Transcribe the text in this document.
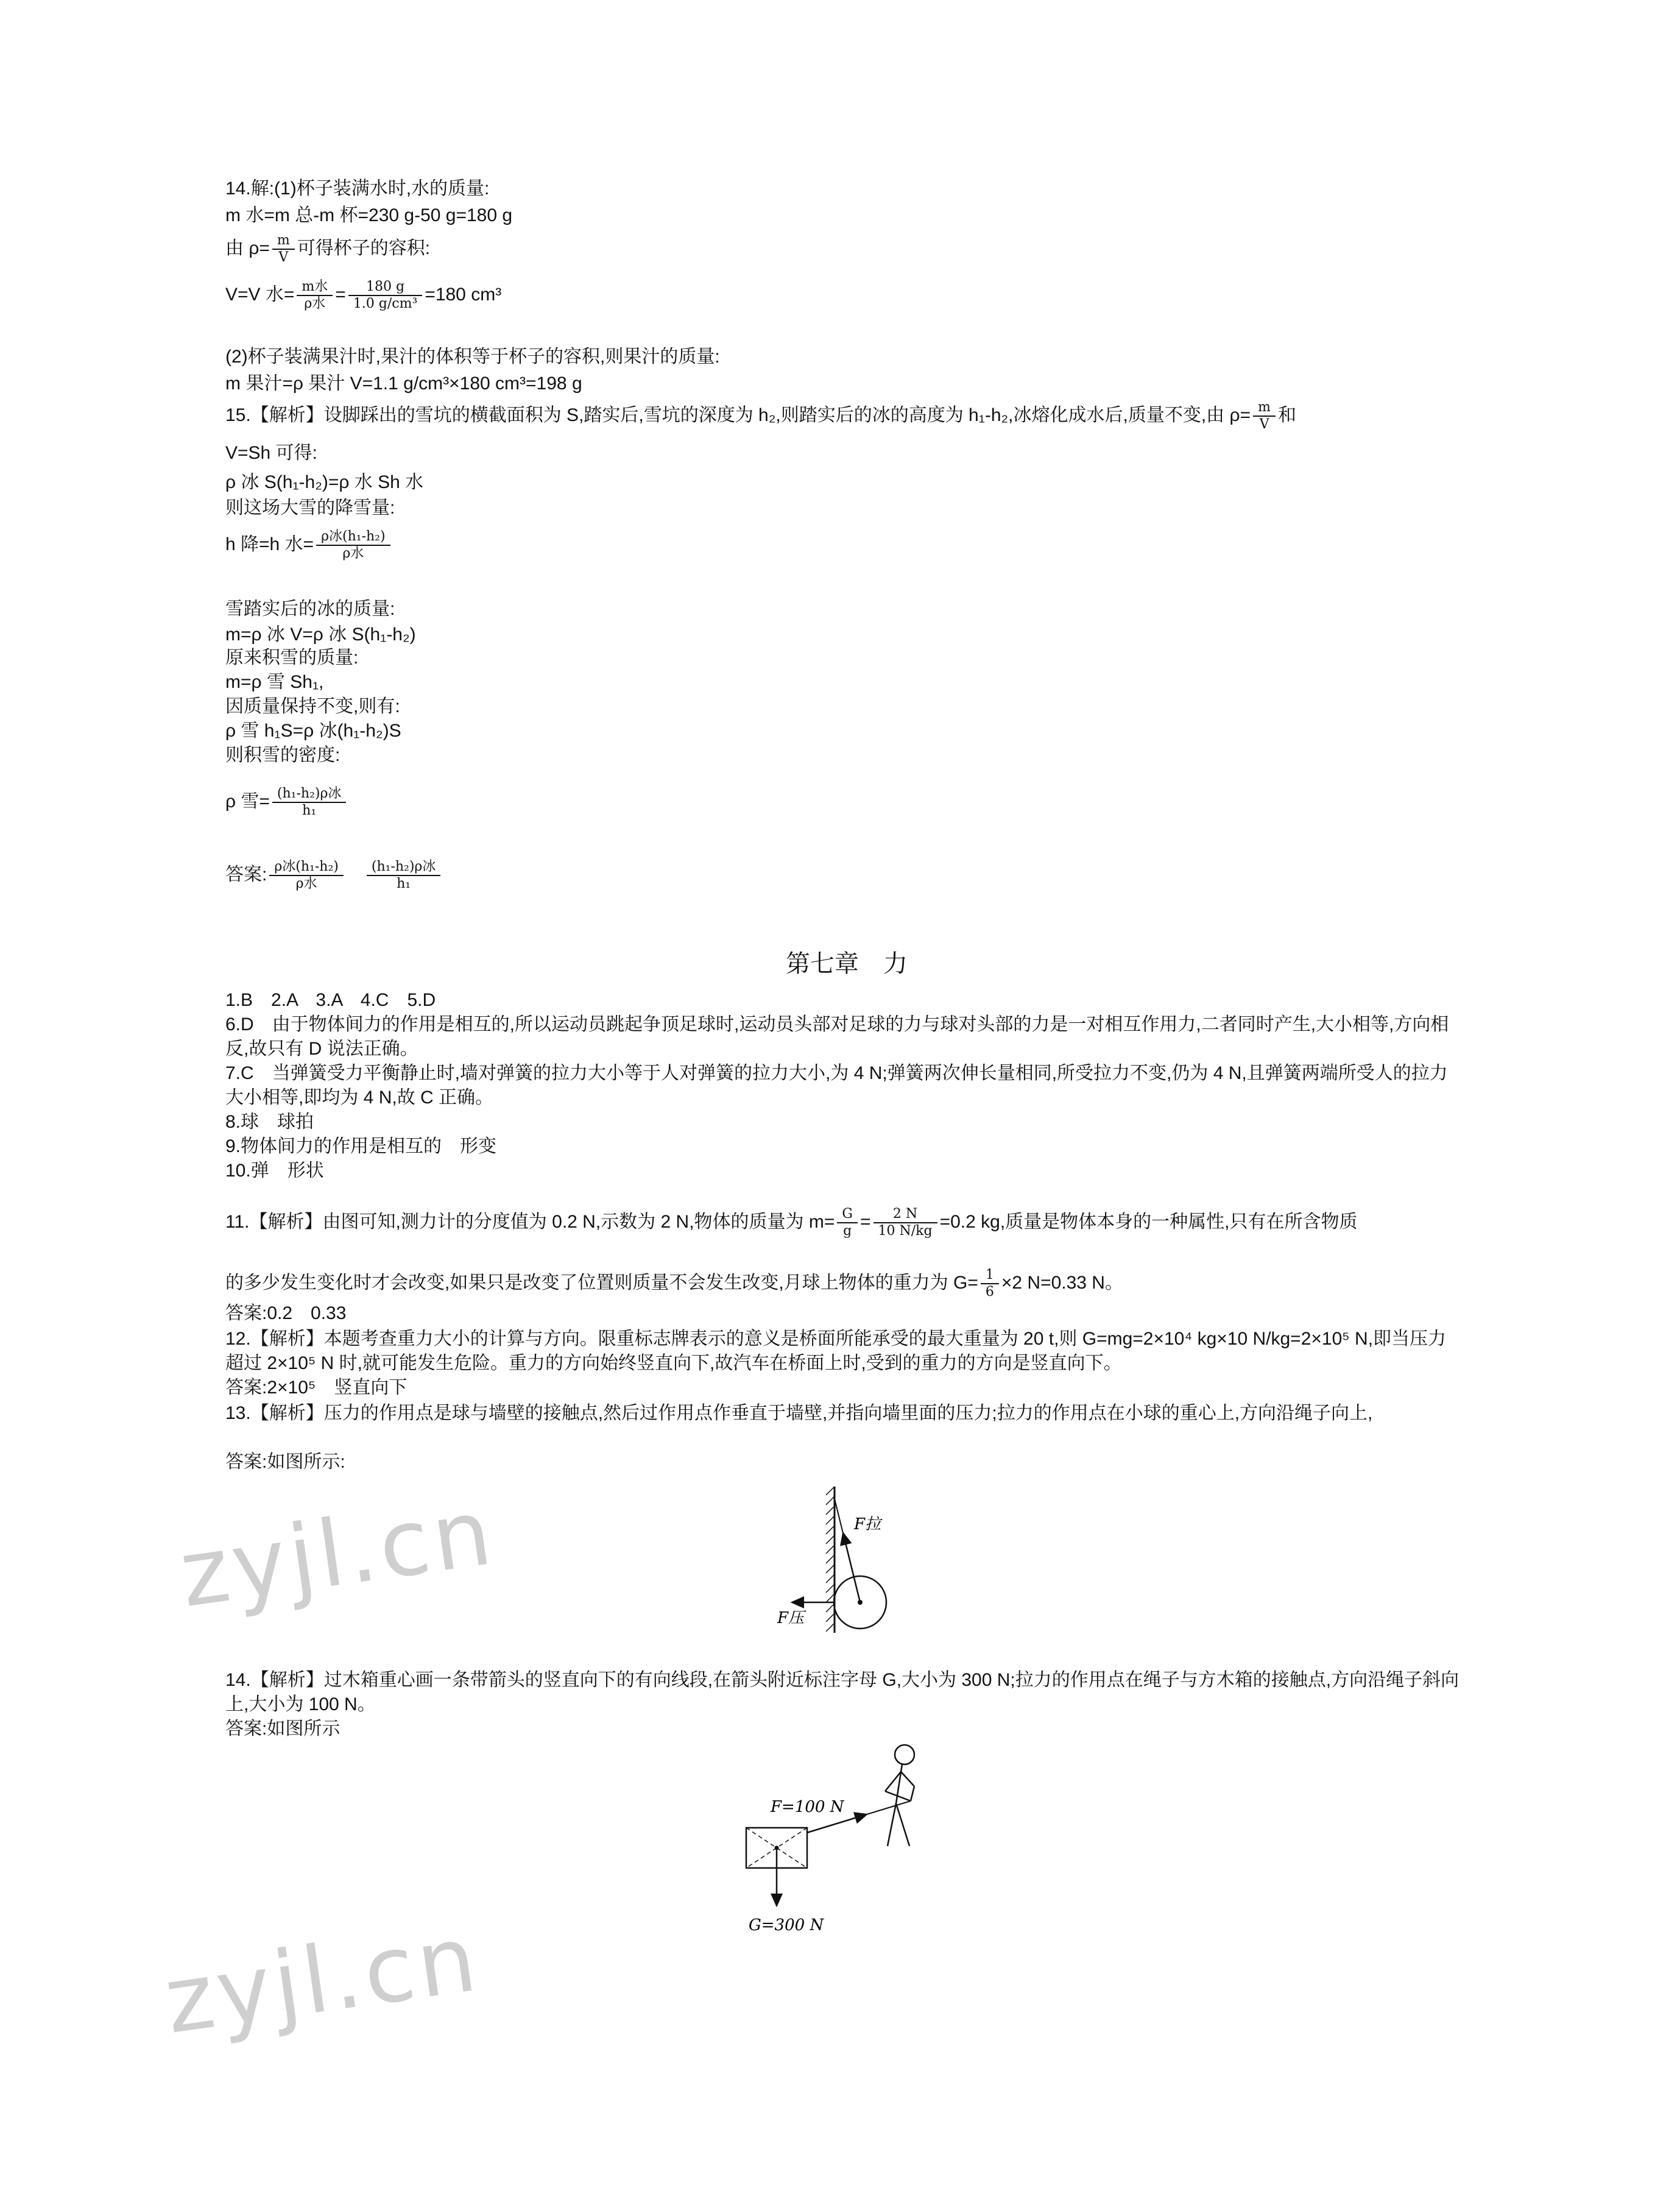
14.解:(1)杯子装满水时,水的质量:
m 水=m 总-m 杯=230 g-50 g=180 g
由 $\rho= \frac{m}{V}$ 可得杯子的容积:
V=V 水= $\frac{\text{m水}}{\text{ρ水}} = \frac{180 g}{\text{1.0 g/cm³}} =180$ cm³
(2)杯子装满果汁时,果汁的体积等于杯子的容积,则果汁的质量:
m 果汁=ρ 果汁 V=1.1 g/cm³×180 cm³=198 g
15.【解析】设脚踩出的雪坑的横截面积为 S,踏实后,雪坑的深度为 h₂,则踏实后的冰的高度为 h₁-h₂,冰熔化成水后,质量不变,由 $\rho= \frac{m}{V}$ 和
V=Sh 可得:
ρ 冰 S(h₁-h₂)=ρ 水 Sh 水
则这场大雪的降雪量:
h 降=h 水= $\frac{\text{ρ冰(h₁-h₂)}}{\text{ρ水}}$
雪踏实后的冰的质量:
m=ρ 冰 V=ρ 冰 S(h₁-h₂)
原来积雪的质量:
m=ρ 雪 Sh₁,
因质量保持不变,则有:
ρ 雪 h₁S=ρ 冰(h₁-h₂)S
则积雪的密度:
ρ 雪= $\frac{\text{(h₁-h₂)ρ冰}}{\text{h₁}}$
答案: $\frac{\text{ρ冰(h₁-h₂)}}{\text{ρ水}}$
　 $\frac{\text{(h₁-h₂)ρ冰}}{\text{h₁}}$
第七章　力
1.B　2.A　3.A　4.C　5.D
6.D　由于物体间力的作用是相互的,所以运动员跳起争顶足球时,运动员头部对足球的力与球对头部的力是一对相互作用力,二者同时产生,大小相等,方向相反,故只有 D 说法正确。
7.C　当弹簧受力平衡静止时,墙对弹簧的拉力大小等于人对弹簧的拉力大小,为 4 N;弹簧两次伸长量相同,所受拉力不变,仍为 4 N,且弹簧两端所受人的拉力大小相等,即均为 4 N,故 C 正确。
8.球　球拍
9.物体间力的作用是相互的　形变
10.弹　形状
11.【解析】由图可知,测力计的分度值为 0.2 N,示数为 2 N,物体的质量为 $m= \frac{G}{g} = \frac{2 N}{10 N/kg} =0.2$ kg,质量是物体本身的一种属性,只有在所含物质
的多少发生变化时才会改变,如果只是改变了位置则质量不会发生改变,月球上物体的重力为 $G= \frac{1}{6} \times 2$ N=0.33 N。
答案:0.2　0.33
12.【解析】本题考查重力大小的计算与方向。限重标志牌表示的意义是桥面所能承受的最大重量为 20 t,则 G=mg=2×10⁴ kg×10 N/kg=2×10⁵ N,即当压力超过 2×10⁵ N 时,就可能发生危险。重力的方向始终竖直向下,故汽车在桥面上时,受到的重力的方向是竖直向下。
答案:2×10⁵　竖直向下
13.【解析】压力的作用点是球与墙壁的接触点,然后过作用点作垂直于墙壁,并指向墙里面的压力;拉力的作用点在小球的重心上,方向沿绳子向上,
答案:如图所示:
14.【解析】过木箱重心画一条带箭头的竖直向下的有向线段,在箭头附近标注字母 G,大小为 300 N;拉力的作用点在绳子与方木箱的接触点,方向沿绳子斜向上,大小为 100 N。
答案:如图所示
F拉
F压
F=100 N
G=300 N
zyjl.cn
zyjl.cn
